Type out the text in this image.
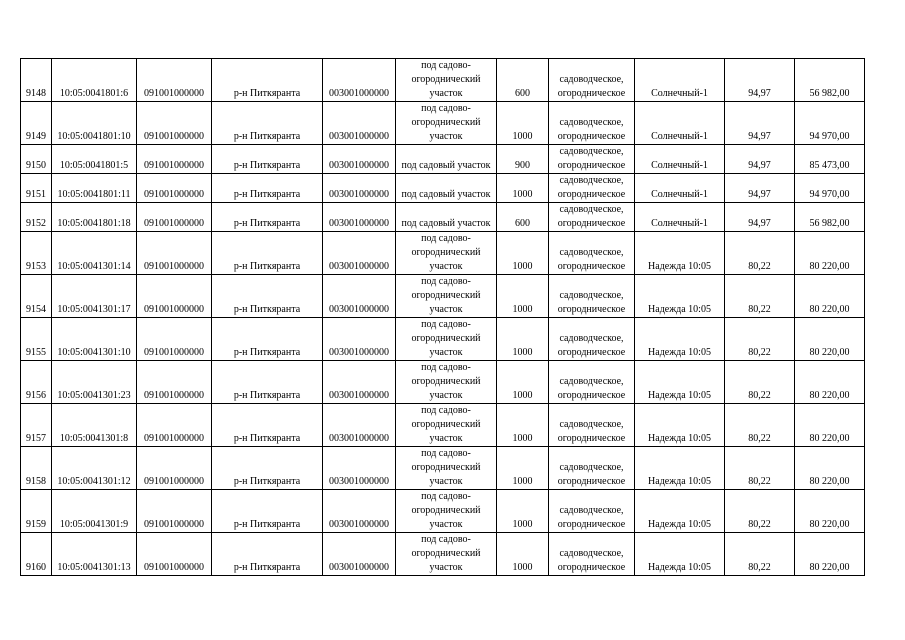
9148	10:05:0041801:6	091001000000	р-н Питкяранта	003001000000	под садово-
огороднический
участок	600	садоводческое,
огородническое	Солнечный-1	94,97	56 982,00
9149	10:05:0041801:10	091001000000	р-н Питкяранта	003001000000	под садово-
огороднический
участок	1000	садоводческое,
огородническое	Солнечный-1	94,97	94 970,00
9150	10:05:0041801:5	091001000000	р-н Питкяранта	003001000000	под садовый участок	900	садоводческое,
огородническое	Солнечный-1	94,97	85 473,00
9151	10:05:0041801:11	091001000000	р-н Питкяранта	003001000000	под садовый участок	1000	садоводческое,
огородническое	Солнечный-1	94,97	94 970,00
9152	10:05:0041801:18	091001000000	р-н Питкяранта	003001000000	под садовый участок	600	садоводческое,
огородническое	Солнечный-1	94,97	56 982,00
9153	10:05:0041301:14	091001000000	р-н Питкяранта	003001000000	под садово-
огороднический
участок	1000	садоводческое,
огородническое	Надежда 10:05	80,22	80 220,00
9154	10:05:0041301:17	091001000000	р-н Питкяранта	003001000000	под садово-
огороднический
участок	1000	садоводческое,
огородническое	Надежда 10:05	80,22	80 220,00
9155	10:05:0041301:10	091001000000	р-н Питкяранта	003001000000	под садово-
огороднический
участок	1000	садоводческое,
огородническое	Надежда 10:05	80,22	80 220,00
9156	10:05:0041301:23	091001000000	р-н Питкяранта	003001000000	под садово-
огороднический
участок	1000	садоводческое,
огородническое	Надежда 10:05	80,22	80 220,00
9157	10:05:0041301:8	091001000000	р-н Питкяранта	003001000000	под садово-
огороднический
участок	1000	садоводческое,
огородническое	Надежда 10:05	80,22	80 220,00
9158	10:05:0041301:12	091001000000	р-н Питкяранта	003001000000	под садово-
огороднический
участок	1000	садоводческое,
огородническое	Надежда 10:05	80,22	80 220,00
9159	10:05:0041301:9	091001000000	р-н Питкяранта	003001000000	под садово-
огороднический
участок	1000	садоводческое,
огородническое	Надежда 10:05	80,22	80 220,00
9160	10:05:0041301:13	091001000000	р-н Питкяранта	003001000000	под садово-
огороднический
участок	1000	садоводческое,
огородническое	Надежда 10:05	80,22	80 220,00
